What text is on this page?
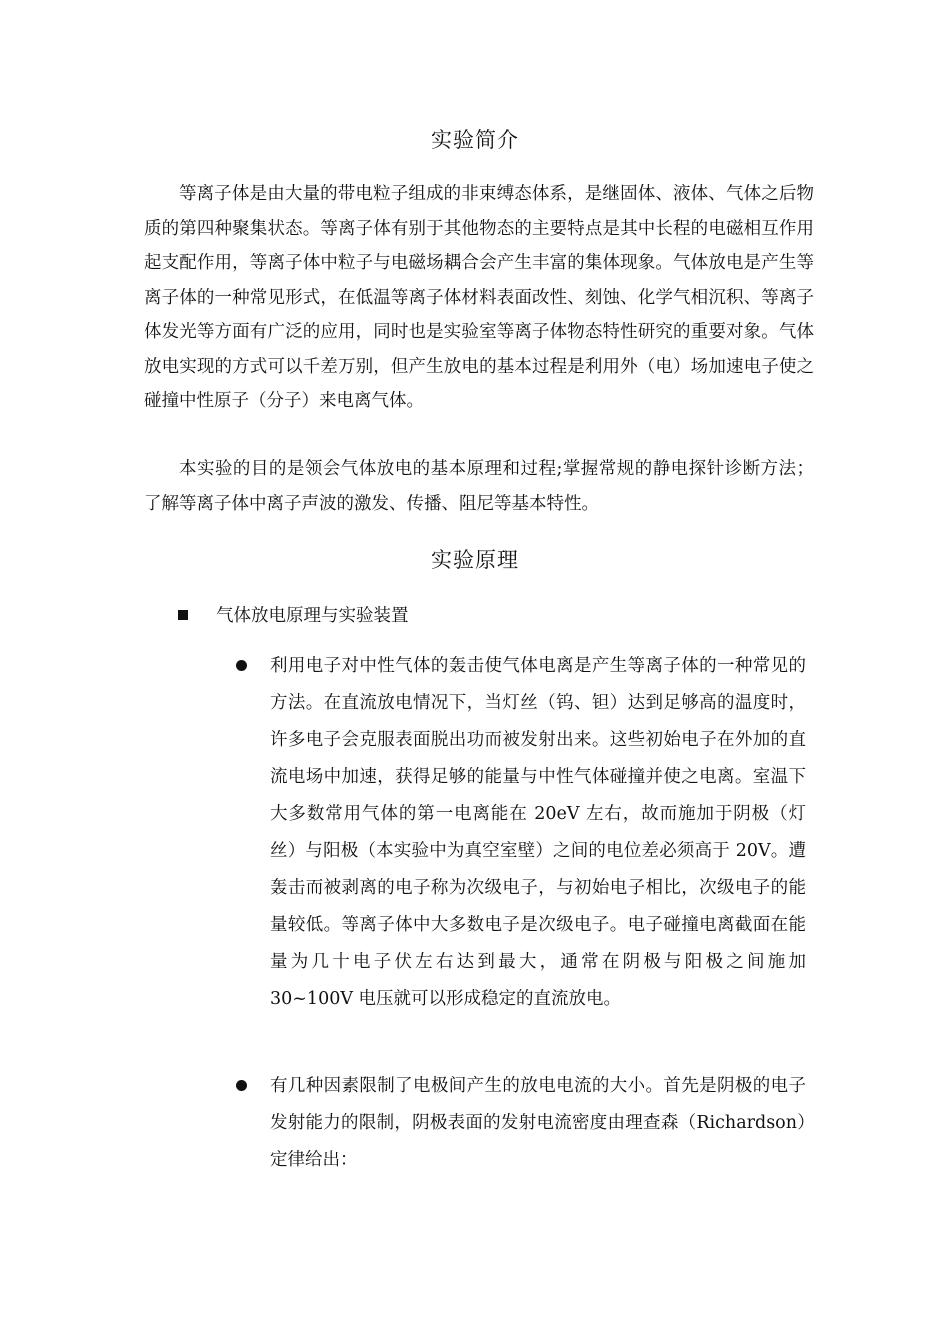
实验简介
等离子体是由大量的带电粒子组成的非束缚态体系，是继固体、液体、气体之后物质的第四种聚集状态。等离子体有别于其他物态的主要特点是其中长程的电磁相互作用起支配作用，等离子体中粒子与电磁场耦合会产生丰富的集体现象。气体放电是产生等离子体的一种常见形式，在低温等离子体材料表面改性、刻蚀、化学气相沉积、等离子体发光等方面有广泛的应用，同时也是实验室等离子体物态特性研究的重要对象。气体放电实现的方式可以千差万别，但产生放电的基本过程是利用外（电）场加速电子使之碰撞中性原子（分子）来电离气体。
本实验的目的是领会气体放电的基本原理和过程;掌握常规的静电探针诊断方法；了解等离子体中离子声波的激发、传播、阻尼等基本特性。
实验原理
气体放电原理与实验装置
利用电子对中性气体的轰击使气体电离是产生等离子体的一种常见的方法。在直流放电情况下，当灯丝（钨、钽）达到足够高的温度时，许多电子会克服表面脱出功而被发射出来。这些初始电子在外加的直流电场中加速，获得足够的能量与中性气体碰撞并使之电离。室温下大多数常用气体的第一电离能在 20eV 左右，故而施加于阴极（灯丝）与阳极（本实验中为真空室壁）之间的电位差必须高于 20V。遭轰击而被剥离的电子称为次级电子，与初始电子相比，次级电子的能量较低。等离子体中大多数电子是次级电子。电子碰撞电离截面在能量为几十电子伏左右达到最大，通常在阴极与阳极之间施加30~100V 电压就可以形成稳定的直流放电。
有几种因素限制了电极间产生的放电电流的大小。首先是阴极的电子发射能力的限制，阴极表面的发射电流密度由理查森（Richardson）定律给出：
